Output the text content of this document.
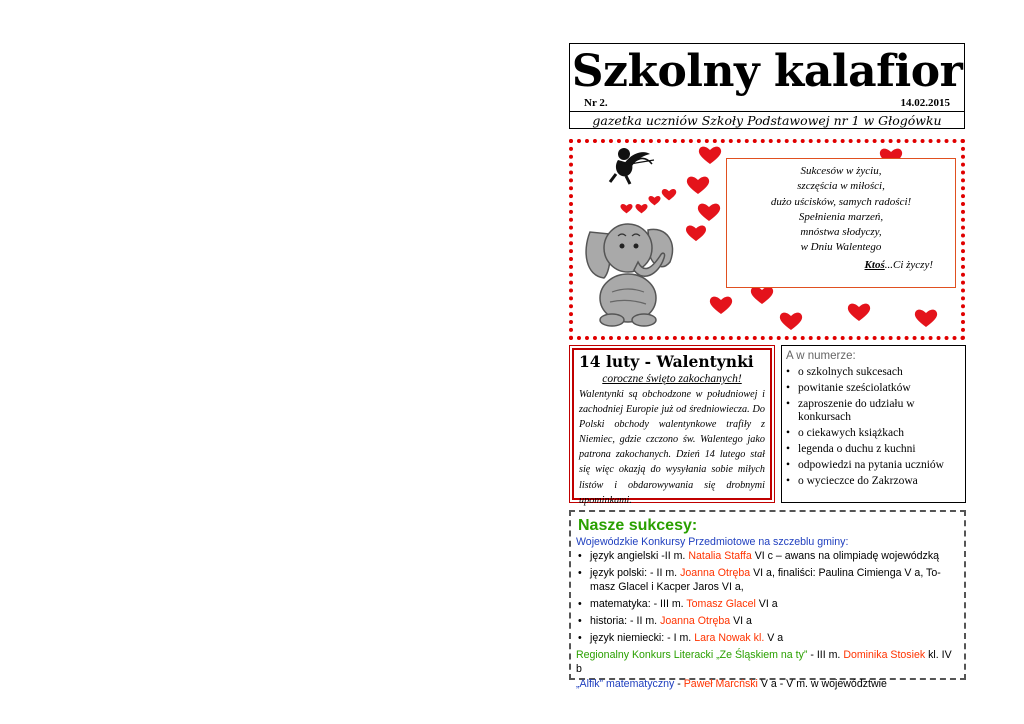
Szkolny kalafior
Nr 2.	14.02.2015
gazetka uczniów Szkoły Podstawowej nr 1 w Głogówku
Sukcesów w życiu,
szczęścia w miłości,
dużo uścisków, samych radości!
Spełnienia marzeń,
mnóstwa słodyczy,
w Dniu Walentego
Ktoś...Ci życzy!
14 luty - Walentynki
coroczne święto zakochanych!

Walentynki są obchodzone w południowej i zachodniej Europie już od średniowiecza. Do Polski obchody walentynkowe trafiły z Niemiec, gdzie czczono św. Walentego jako patrona zakochanych. Dzień 14 lutego stał się więc okazją do wysyłania sobie miłych listów i obdarowywania się drobnymi upominkami.

A w numerze:
• o szkolnych sukcesach
• powitanie sześciolatków
• zaproszenie do udziału w konkursach
• o ciekawych książkach
• legenda o duchu z kuchni
• odpowiedzi na pytania uczniów
• o wycieczce do Zakrzowa
Nasze sukcesy:
Wojewódzkie Konkursy Przedmiotowe na szczeblu gminy:
• język angielski -II m. Natalia Staffa VI c – awans na olimpiadę wojewódzką
• język polski: - II m. Joanna Otręba VI a, finaliści: Paulina Cimienga V a, To-masz Glacel i Kacper Jaros VI a,
• matematyka: - III m. Tomasz Glacel VI a
• historia: - II m. Joanna Otręba VI a
• język niemiecki: - I m. Lara Nowak kl. V a
Regionalny Konkurs Literacki „Ze Śląskiem na ty” - III m. Dominika Stosiek kl. IV b
„Alfik” matematyczny - Paweł Marcński V a - V m. w województwie
